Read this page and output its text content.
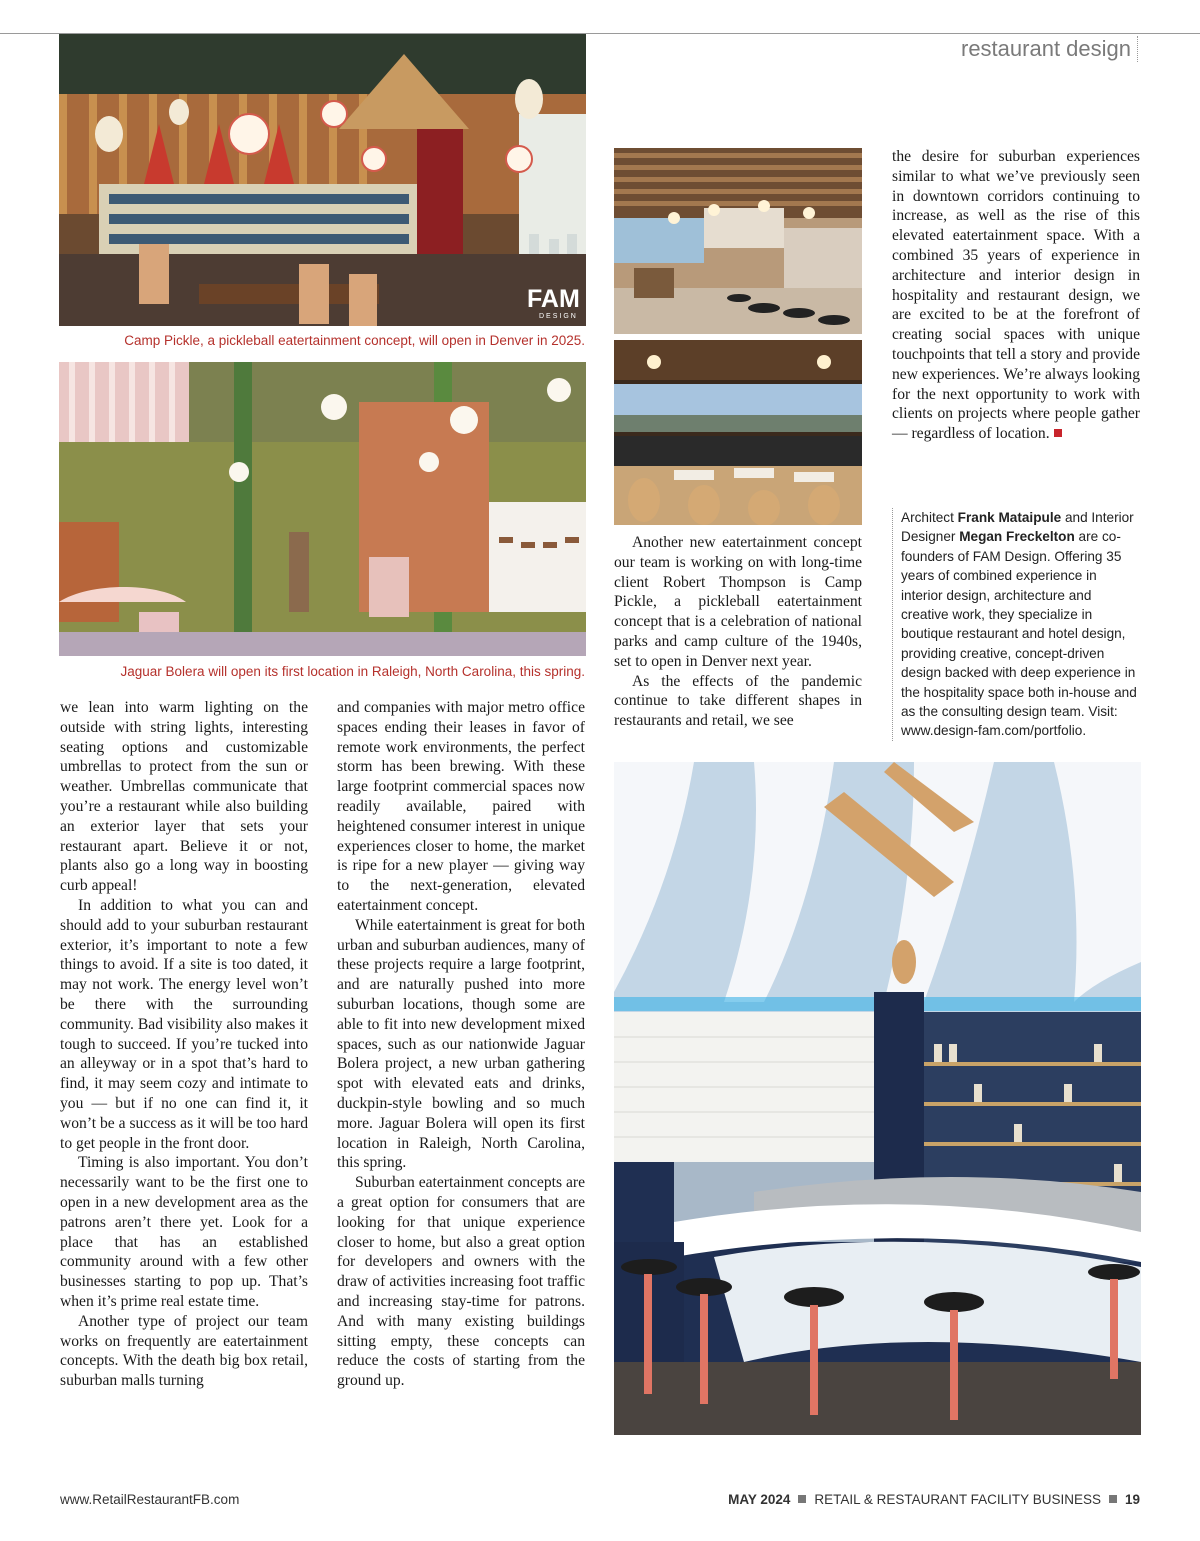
restaurant design
FAM
DESIGN
Camp Pickle, a pickleball eatertainment concept, will open in Denver in 2025.
Jaguar Bolera will open its first location in Raleigh, North Carolina, this spring.

we lean into warm lighting on the outside with string lights, interesting seating options and customizable umbrellas to protect from the sun or weather. Umbrellas communicate that you’re a restaurant while also building an exterior layer that sets your restaurant apart. Believe it or not, plants also go a long way in boosting curb appeal!

In addition to what you can and should add to your suburban restaurant exterior, it’s important to note a few things to avoid. If a site is too dated, it may not work. The energy level won’t be there with the surrounding community. Bad visibility also makes it tough to succeed. If you’re tucked into an alleyway or in a spot that’s hard to find, it may seem cozy and intimate to you — but if no one can find it, it won’t be a success as it will be too hard to get people in the front door.

Timing is also important. You don’t necessarily want to be the first one to open in a new development area as the patrons aren’t there yet. Look for a place that has an established community around with a few other businesses starting to pop up. That’s when it’s prime real estate time.

Another type of project our team works on frequently are eatertainment concepts. With the death big box retail, suburban malls turning

and companies with major metro office spaces ending their leases in favor of remote work environments, the perfect storm has been brewing. With these large footprint commercial spaces now readily available, paired with heightened consumer interest in unique experiences closer to home, the market is ripe for a new player — giving way to the next-generation, elevated eatertainment concept.

While eatertainment is great for both urban and suburban audiences, many of these projects require a large footprint, and are naturally pushed into more suburban locations, though some are able to fit into new development mixed spaces, such as our nationwide Jaguar Bolera project, a new urban gathering spot with elevated eats and drinks, duckpin-style bowling and so much more. Jaguar Bolera will open its first location in Raleigh, North Carolina, this spring.

Suburban eatertainment concepts are a great option for consumers that are looking for that unique experience closer to home, but also a great option for developers and owners with the draw of activities increasing foot traffic and increasing stay-time for patrons. And with many existing buildings sitting empty, these concepts can reduce the costs of starting from the ground up.

Another new eatertainment concept our team is working on with long-time client Robert Thompson is Camp Pickle, a pickleball eatertainment concept that is a celebration of national parks and camp culture of the 1940s, set to open in Denver next year.

As the effects of the pandemic continue to take different shapes in restaurants and retail, we see

the desire for suburban experiences similar to what we’ve previously seen in downtown corridors continuing to increase, as well as the rise of this elevated eatertainment space. With a combined 35 years of experience in architecture and interior design in hospitality and restaurant design, we are excited to be at the forefront of creating social spaces with unique touchpoints that tell a story and provide new experiences. We’re always looking for the next opportunity to work with clients on projects where people gather — regardless of location.

Architect Frank Mataipule and Interior Designer Megan Freckelton are co-founders of FAM Design. Offering 35 years of combined experience in interior design, architecture and creative work, they specialize in boutique restaurant and hotel design, providing creative, concept-driven design backed with deep experience in the hospitality space both in-house and as the consulting design team. Visit: www.design-fam.com/portfolio.
www.RetailRestaurantFB.com	MAY 2024 RETAIL & RESTAURANT FACILITY BUSINESS 19
